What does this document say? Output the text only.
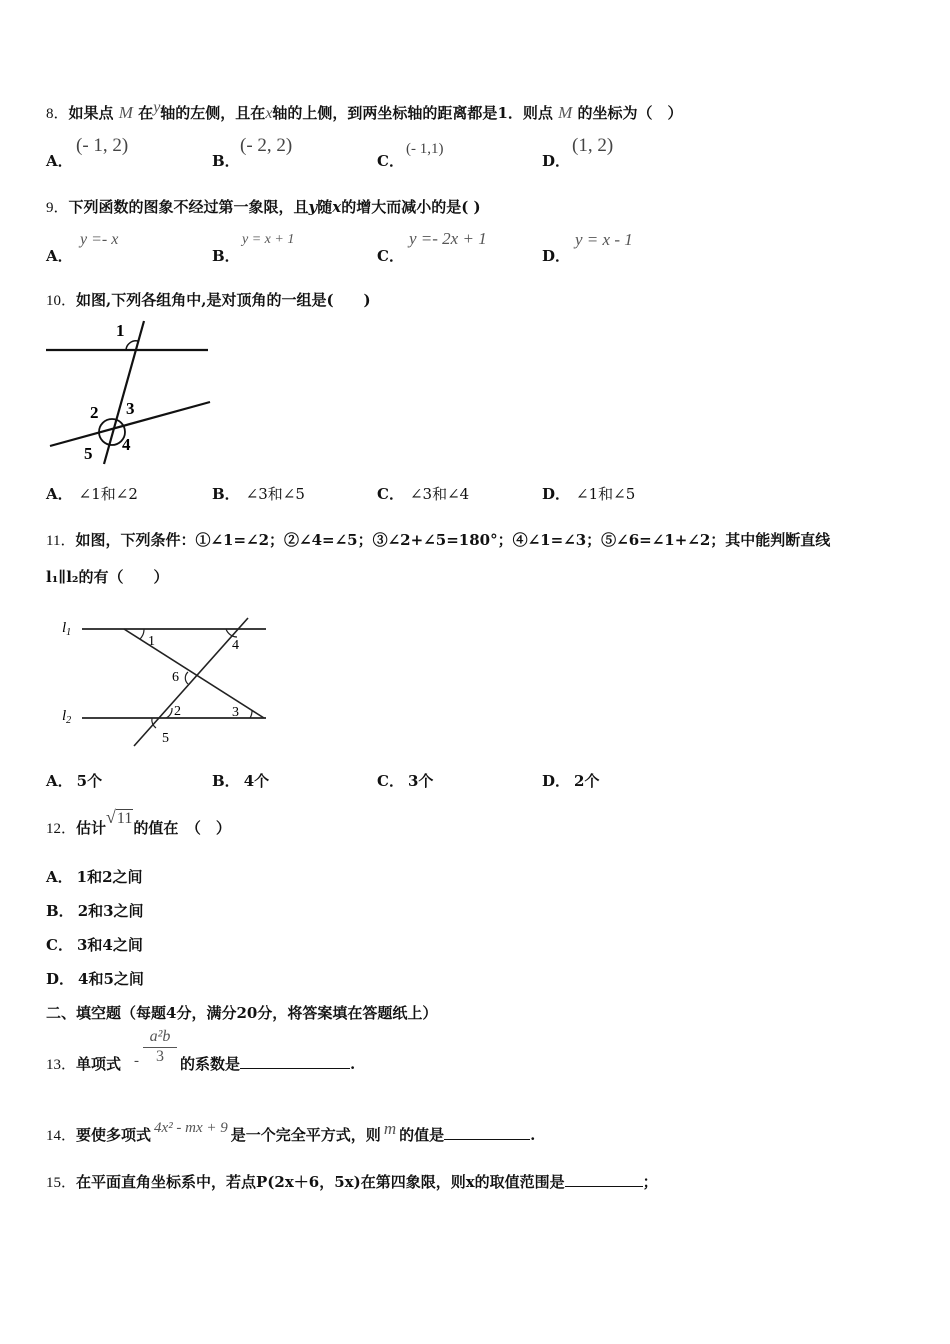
8．如果点 M 在y轴的左侧，且在x轴的上侧，到两坐标轴的距离都是1．则点 M 的坐标为（　）
A．
(- 1, 2)
B．
(- 2, 2)
C．
(- 1,1)
D．
(1, 2)
9．下列函数的图象不经过第一象限，且y随x的增大而减小的是( )
A．
y =- x
B．
y = x + 1
C．
y =- 2x + 1
D．
y = x - 1
10．如图,下列各组角中,是对顶角的一组是(　　)
1
2 3
4
5
A． ∠1和∠2	B． ∠3和∠5	C． ∠3和∠4	D． ∠1和∠5
11．如图，下列条件：①∠1=∠2；②∠4=∠5；③∠2+∠5=180°；④∠1=∠3；⑤∠6=∠1+∠2；其中能判断直线
l₁∥l₂的有（　　）
$l_1$
$l_2$
1
2	3
4
5
6
A． 5个	B． 4个	C． 3个	D． 2个
12．估计√11的值在　（　）
A． 1和2之间
B． 2和3之间
C． 3和4之间
D． 4和5之间
二、填空题（每题4分，满分20分，将答案填在答题纸上）
13．单项式 -
a²b
3	的系数是	.
14．要使多项式 4x² - mx + 9 是一个完全平方式，则 m 的值是	.
15．在平面直角坐标系中，若点P(2x＋6，5x)在第四象限，则x的取值范围是	；
